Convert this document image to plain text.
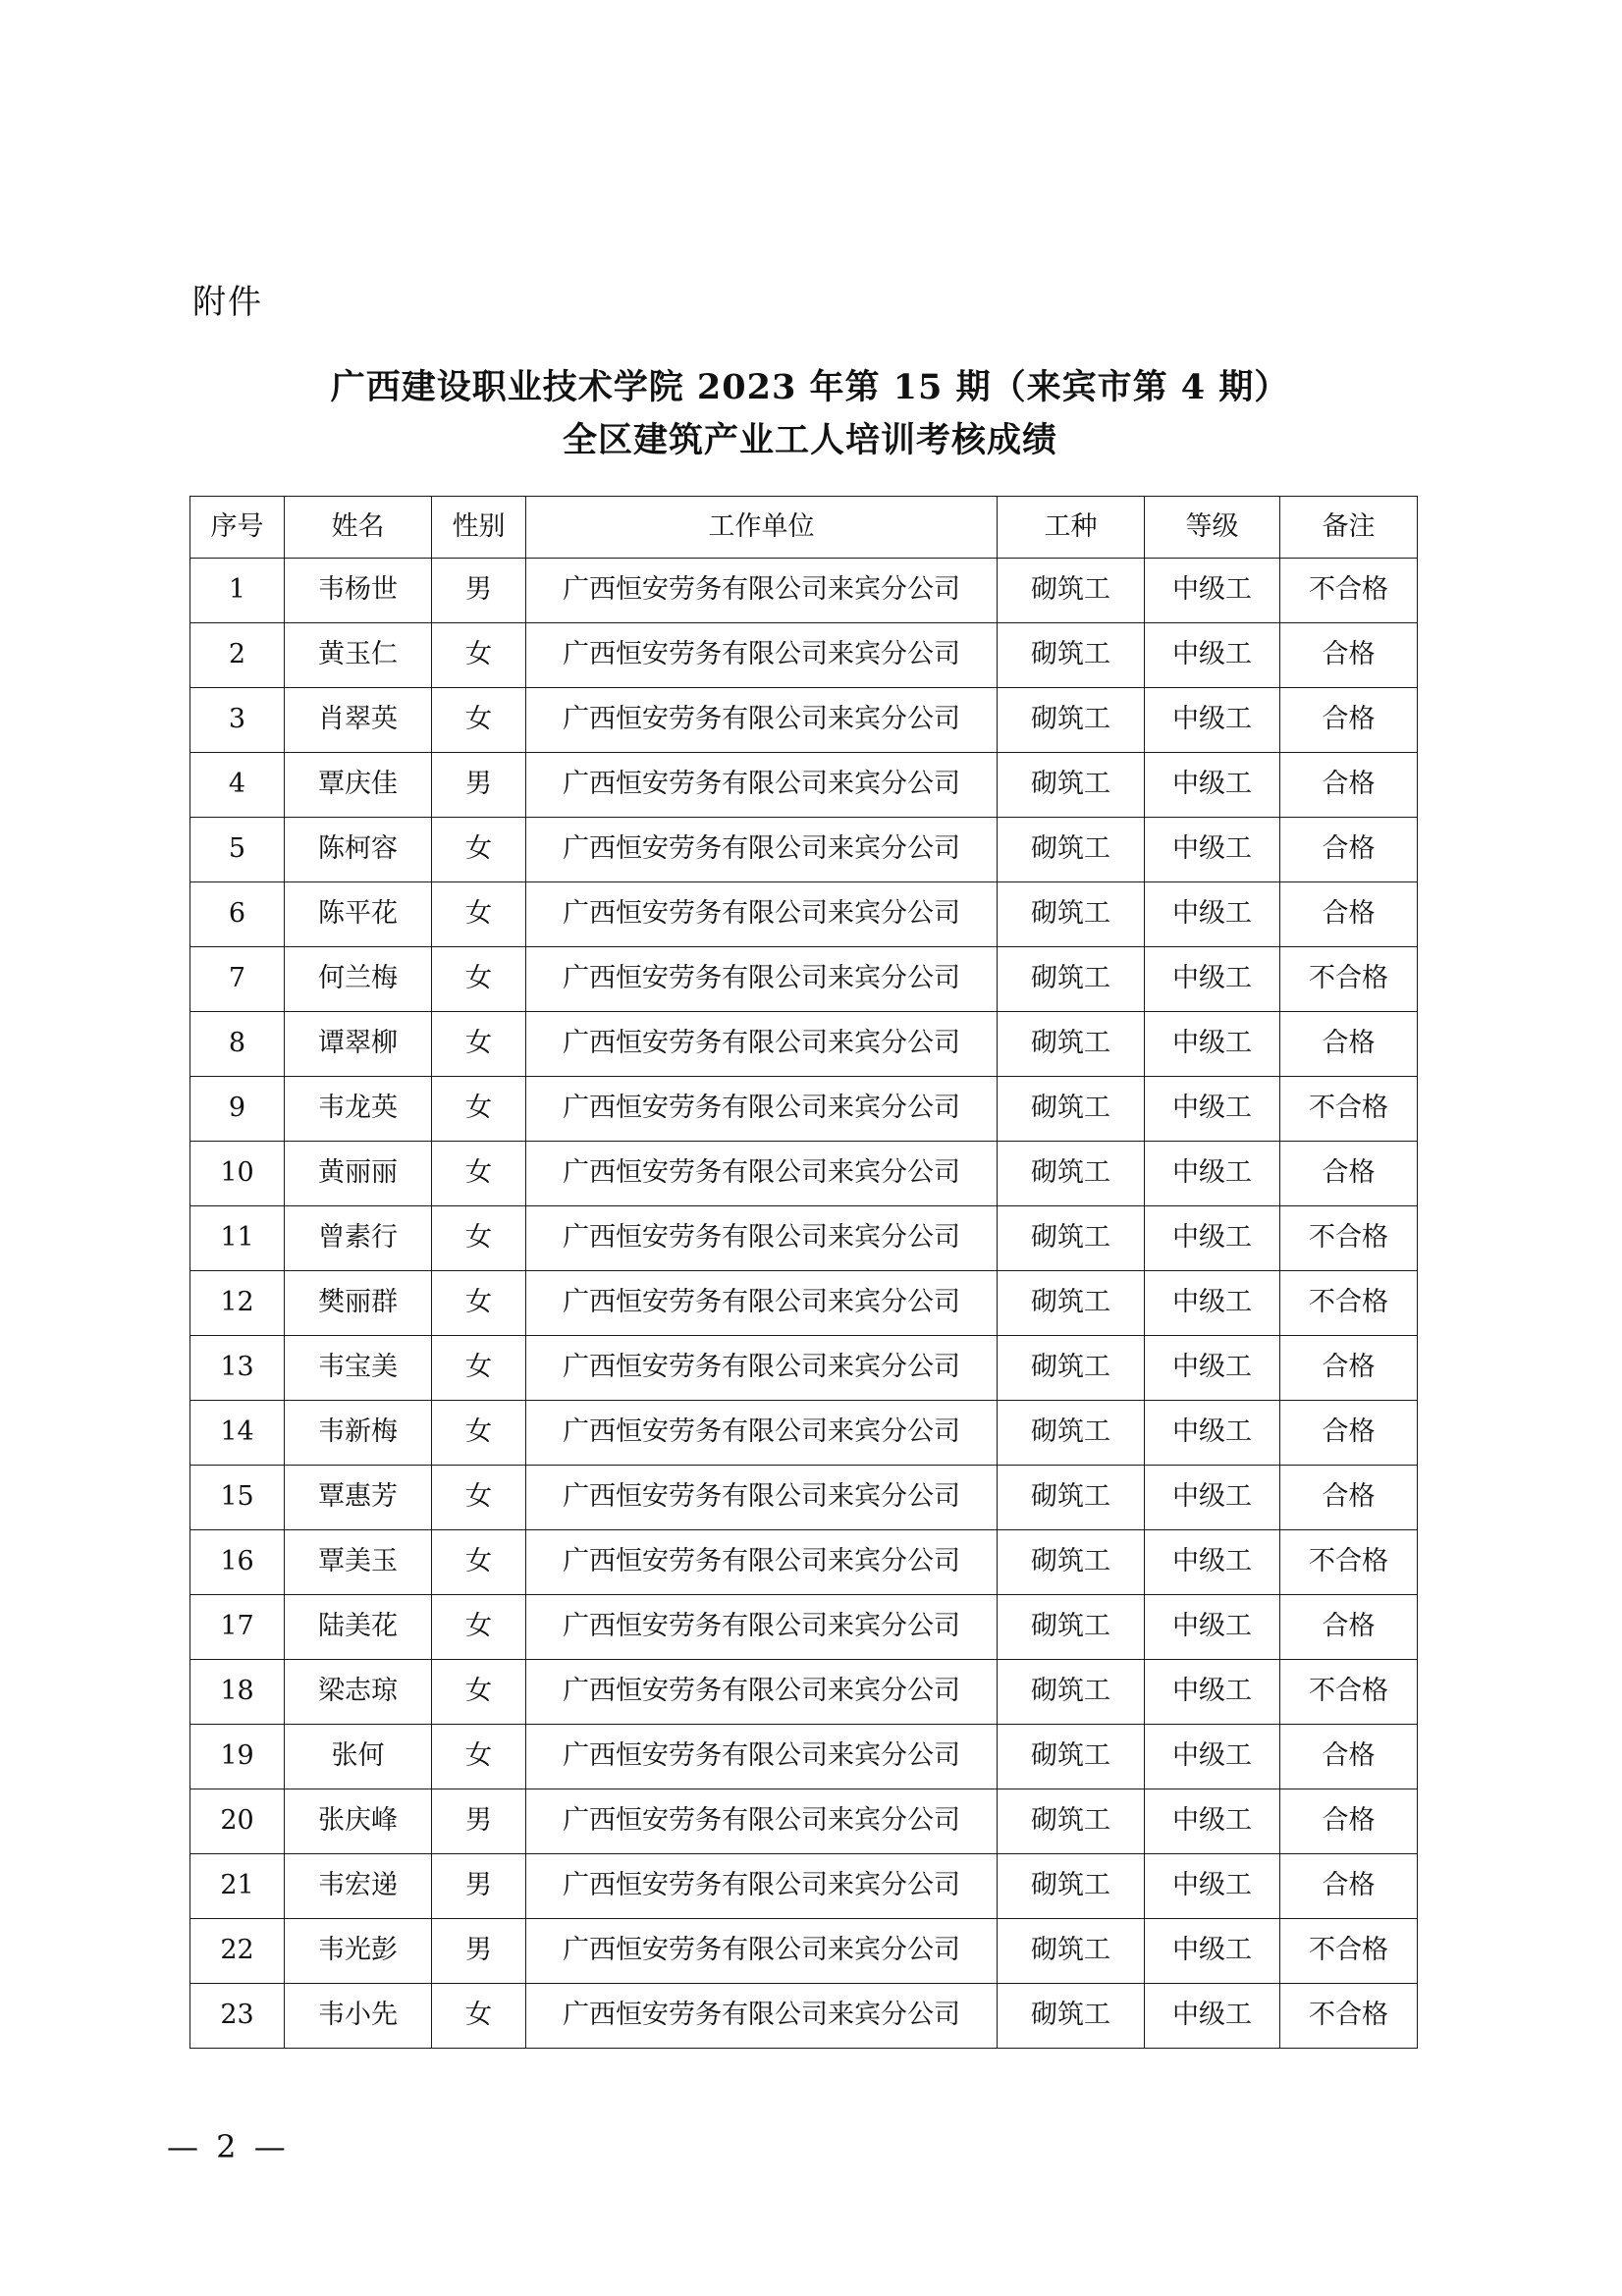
附件
广西建设职业技术学院 2023 年第 15 期（来宾市第 4 期）
全区建筑产业工人培训考核成绩
序号	姓名	性别	工作单位	工种	等级	备注
1	韦杨世	男	广西恒安劳务有限公司来宾分公司	砌筑工	中级工	不合格
2	黄玉仁	女	广西恒安劳务有限公司来宾分公司	砌筑工	中级工	合格
3	肖翠英	女	广西恒安劳务有限公司来宾分公司	砌筑工	中级工	合格
4	覃庆佳	男	广西恒安劳务有限公司来宾分公司	砌筑工	中级工	合格
5	陈柯容	女	广西恒安劳务有限公司来宾分公司	砌筑工	中级工	合格
6	陈平花	女	广西恒安劳务有限公司来宾分公司	砌筑工	中级工	合格
7	何兰梅	女	广西恒安劳务有限公司来宾分公司	砌筑工	中级工	不合格
8	谭翠柳	女	广西恒安劳务有限公司来宾分公司	砌筑工	中级工	合格
9	韦龙英	女	广西恒安劳务有限公司来宾分公司	砌筑工	中级工	不合格
10	黄丽丽	女	广西恒安劳务有限公司来宾分公司	砌筑工	中级工	合格
11	曾素行	女	广西恒安劳务有限公司来宾分公司	砌筑工	中级工	不合格
12	樊丽群	女	广西恒安劳务有限公司来宾分公司	砌筑工	中级工	不合格
13	韦宝美	女	广西恒安劳务有限公司来宾分公司	砌筑工	中级工	合格
14	韦新梅	女	广西恒安劳务有限公司来宾分公司	砌筑工	中级工	合格
15	覃惠芳	女	广西恒安劳务有限公司来宾分公司	砌筑工	中级工	合格
16	覃美玉	女	广西恒安劳务有限公司来宾分公司	砌筑工	中级工	不合格
17	陆美花	女	广西恒安劳务有限公司来宾分公司	砌筑工	中级工	合格
18	梁志琼	女	广西恒安劳务有限公司来宾分公司	砌筑工	中级工	不合格
19	张何	女	广西恒安劳务有限公司来宾分公司	砌筑工	中级工	合格
20	张庆峰	男	广西恒安劳务有限公司来宾分公司	砌筑工	中级工	合格
21	韦宏递	男	广西恒安劳务有限公司来宾分公司	砌筑工	中级工	合格
22	韦光彭	男	广西恒安劳务有限公司来宾分公司	砌筑工	中级工	不合格
23	韦小先	女	广西恒安劳务有限公司来宾分公司	砌筑工	中级工	不合格
— 2 —
